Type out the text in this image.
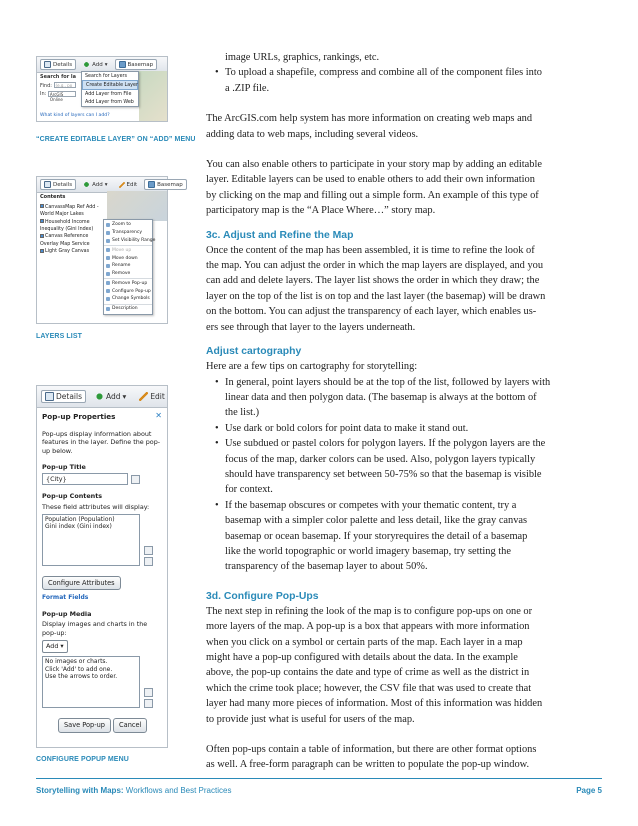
Details	Add ▾	Basemap
Search for la
Find: (e.g., po
In: ArcGIS Online
Search for Layers
Create Editable Layer
Add Layer from File
Add Layer from Web
What kind of layers can I add?
“CREATE EDITABLE LAYER” ON “ADD” MENU
Details	Add ▾	Edit	Basemap
Contents
CanvassMap Ref Add - World Major Lakes
Household Income Inequality (Gini Index)
Canvas Reference Overlay Map Service
Light Gray Canvas
Zoom to
Transparency
Set Visibility Range
Move up
Move down
Rename
Remove
Remove Pop-up
Configure Pop-up
Change Symbols
Description
LAYERS LIST
Details	Add ▾	Edit
Pop-up Properties	✕
Pop-ups display information about features in the layer. Define the pop-up below.
Pop-up Title
{City}
Pop-up Contents
These field attributes will display:
Population (Population)
Gini index (Gini index)
Configure Attributes
Format Fields
Pop-up Media
Display images and charts in the pop-up:
Add ▾
No images or charts.
Click 'Add' to add one.
Use the arrows to order.
Save Pop-up Cancel
CONFIGURE POPUP MENU
image URLs, graphics, rankings, etc.
• To upload a shapefile, compress and combine all of the component files into
a .ZIP file.

The ArcGIS.com help system has more information on creating web maps and
adding data to web maps, including several videos.

You can also enable others to participate in your story map by adding an editable
layer. Editable layers can be used to enable others to add their own information
by clicking on the map and filling out a simple form. An example of this type of
participatory map is the “A Place Where…” story map.

3c. Adjust and Refine the Map

Once the content of the map has been assembled, it is time to refine the look of
the map. You can adjust the order in which the map layers are displayed, and you
can add and delete layers. The layer list shows the order in which they draw; the
layer on the top of the list is on top and the last layer (the basemap) will be drawn
on the bottom. You can adjust the transparency of each layer, which enables us-
ers see through that layer to the layers underneath.

Adjust cartography

Here are a few tips on cartography for storytelling:

• In general, point layers should be at the top of the list, followed by layers with
linear data and then polygon data. (The basemap is always at the bottom of
the list.)
• Use dark or bold colors for point data to make it stand out.
• Use subdued or pastel colors for polygon layers. If the polygon layers are the
focus of the map, darker colors can be used. Also, polygon layers typically
should have transparency set between 50-75% so that the basemap is visible
for context.
• If the basemap obscures or competes with your thematic content, try a
basemap with a simpler color palette and less detail, like the gray canvas
basemap or ocean basemap. If your storyrequires the detail of a basemap
like the world topographic or world imagery basemap, try setting the
transparency of the basemap layer to about 50%.
3d. Configure Pop-Ups

The next step in refining the look of the map is to configure pop-ups on one or
more layers of the map. A pop-up is a box that appears with more information
when you click on a symbol or certain parts of the map. Each layer in a map
might have a pop-up configured with details about the data. In the example
above, the pop-up contains the date and type of crime as well as the district in
which the crime took place; however, the CSV file that was used to create that
layer had many more pieces of information. Most of this information was hidden
to provide just what is useful for users of the map.

Often pop-ups contain a table of information, but there are other format options
as well. A free-form paragraph can be written to populate the pop-up window.

Storytelling with Maps: Workflows and Best Practices	Page 5
